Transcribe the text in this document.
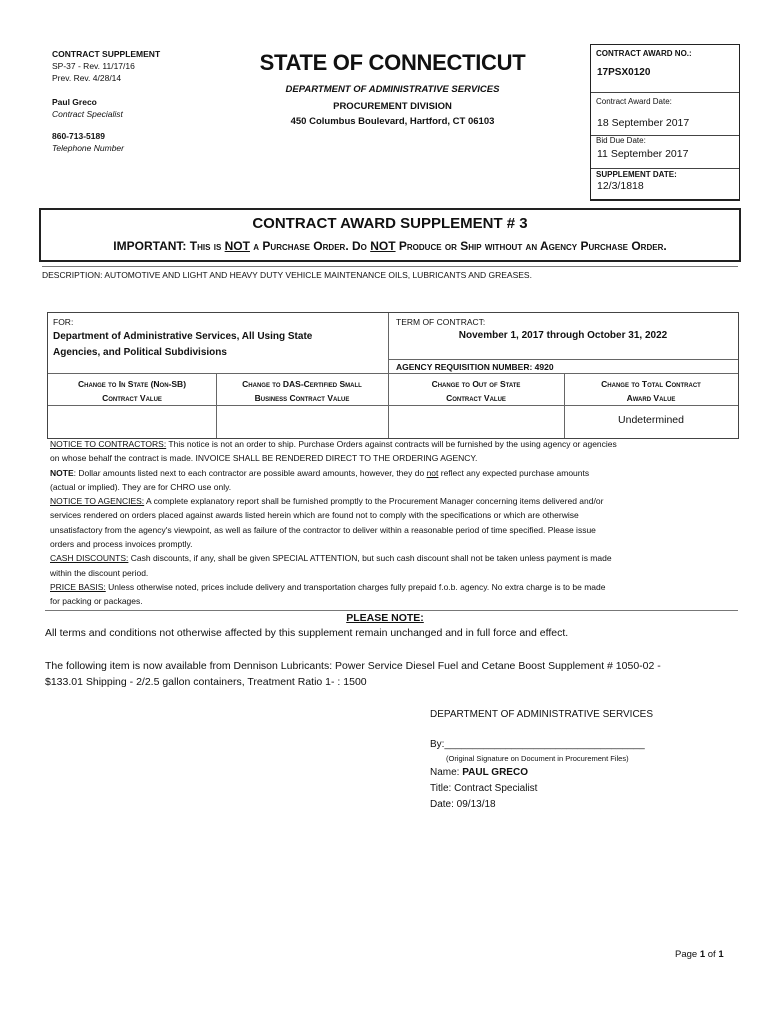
CONTRACT SUPPLEMENT
SP-37 - Rev. 11/17/16
Prev. Rev. 4/28/14
Paul Greco
Contract Specialist
860-713-5189
Telephone Number
STATE OF CONNECTICUT
DEPARTMENT OF ADMINISTRATIVE SERVICES
PROCUREMENT DIVISION
450 Columbus Boulevard, Hartford, CT 06103
CONTRACT AWARD NO.:
17PSX0120
Contract Award Date:
18 September 2017
Bid Due Date:
11 September 2017
SUPPLEMENT DATE:
12/3/1818
CONTRACT AWARD SUPPLEMENT # 3
IMPORTANT: This is NOT a Purchase Order. Do NOT Produce or Ship without an Agency Purchase Order.
DESCRIPTION: AUTOMOTIVE AND LIGHT AND HEAVY DUTY VEHICLE MAINTENANCE OILS, LUBRICANTS AND GREASES.
FOR:
Department of Administrative Services, All Using State
Agencies, and Political Subdivisions
TERM OF CONTRACT:
November 1, 2017 through October 31, 2022
AGENCY REQUISITION NUMBER: 4920
Change to In State (Non-SB)
Contract Value
Change to DAS-Certified Small
Business Contract Value
Change to Out of State
Contract Value
Change to Total Contract
Award Value
Undetermined
NOTICE TO CONTRACTORS: This notice is not an order to ship. Purchase Orders against contracts will be furnished by the using agency or agencies
on whose behalf the contract is made. INVOICE SHALL BE RENDERED DIRECT TO THE ORDERING AGENCY.
NOTE: Dollar amounts listed next to each contractor are possible award amounts, however, they do not reflect any expected purchase amounts
(actual or implied). They are for CHRO use only.
NOTICE TO AGENCIES: A complete explanatory report shall be furnished promptly to the Procurement Manager concerning items delivered and/or
services rendered on orders placed against awards listed herein which are found not to comply with the specifications or which are otherwise
unsatisfactory from the agency's viewpoint, as well as failure of the contractor to deliver within a reasonable period of time specified. Please issue
orders and process invoices promptly.
CASH DISCOUNTS: Cash discounts, if any, shall be given SPECIAL ATTENTION, but such cash discount shall not be taken unless payment is made
within the discount period.
PRICE BASIS: Unless otherwise noted, prices include delivery and transportation charges fully prepaid f.o.b. agency. No extra charge is to be made
for packing or packages.
PLEASE NOTE:
All terms and conditions not otherwise affected by this supplement remain unchanged and in full force and effect.
The following item is now available from Dennison Lubricants: Power Service Diesel Fuel and Cetane Boost Supplement # 1050-02 -
$133.01 Shipping - 2/2.5 gallon containers, Treatment Ratio 1- : 1500
DEPARTMENT OF ADMINISTRATIVE SERVICES
By:____________________________________
(Original Signature on Document in Procurement Files)
Name: PAUL GRECO
Title: Contract Specialist
Date: 09/13/18
Page 1 of 1
